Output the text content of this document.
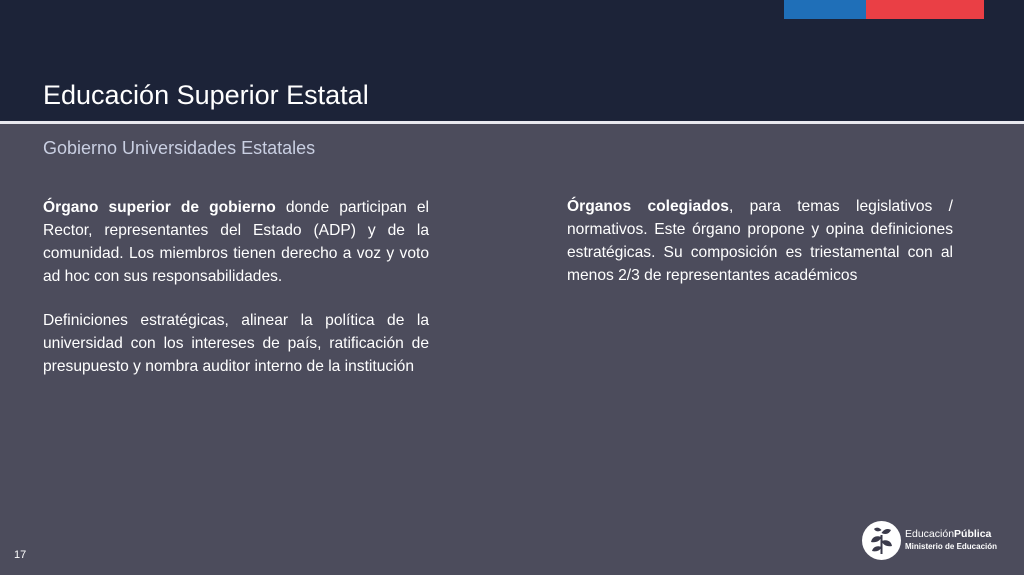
Educación Superior Estatal
Gobierno Universidades Estatales

Órgano superior de gobierno donde participan el Rector, representantes del Estado (ADP) y de la comunidad. Los miembros tienen derecho a voz y voto ad hoc con sus responsabilidades.

Definiciones estratégicas, alinear la política de la universidad con los intereses de país, ratificación de presupuesto y nombra auditor interno de la institución

Órganos colegiados, para temas legislativos / normativos. Este órgano propone y opina definiciones estratégicas. Su composición es triestamental con al menos 2/3 de representantes académicos

17
EducaciónPública
Ministerio de Educación
